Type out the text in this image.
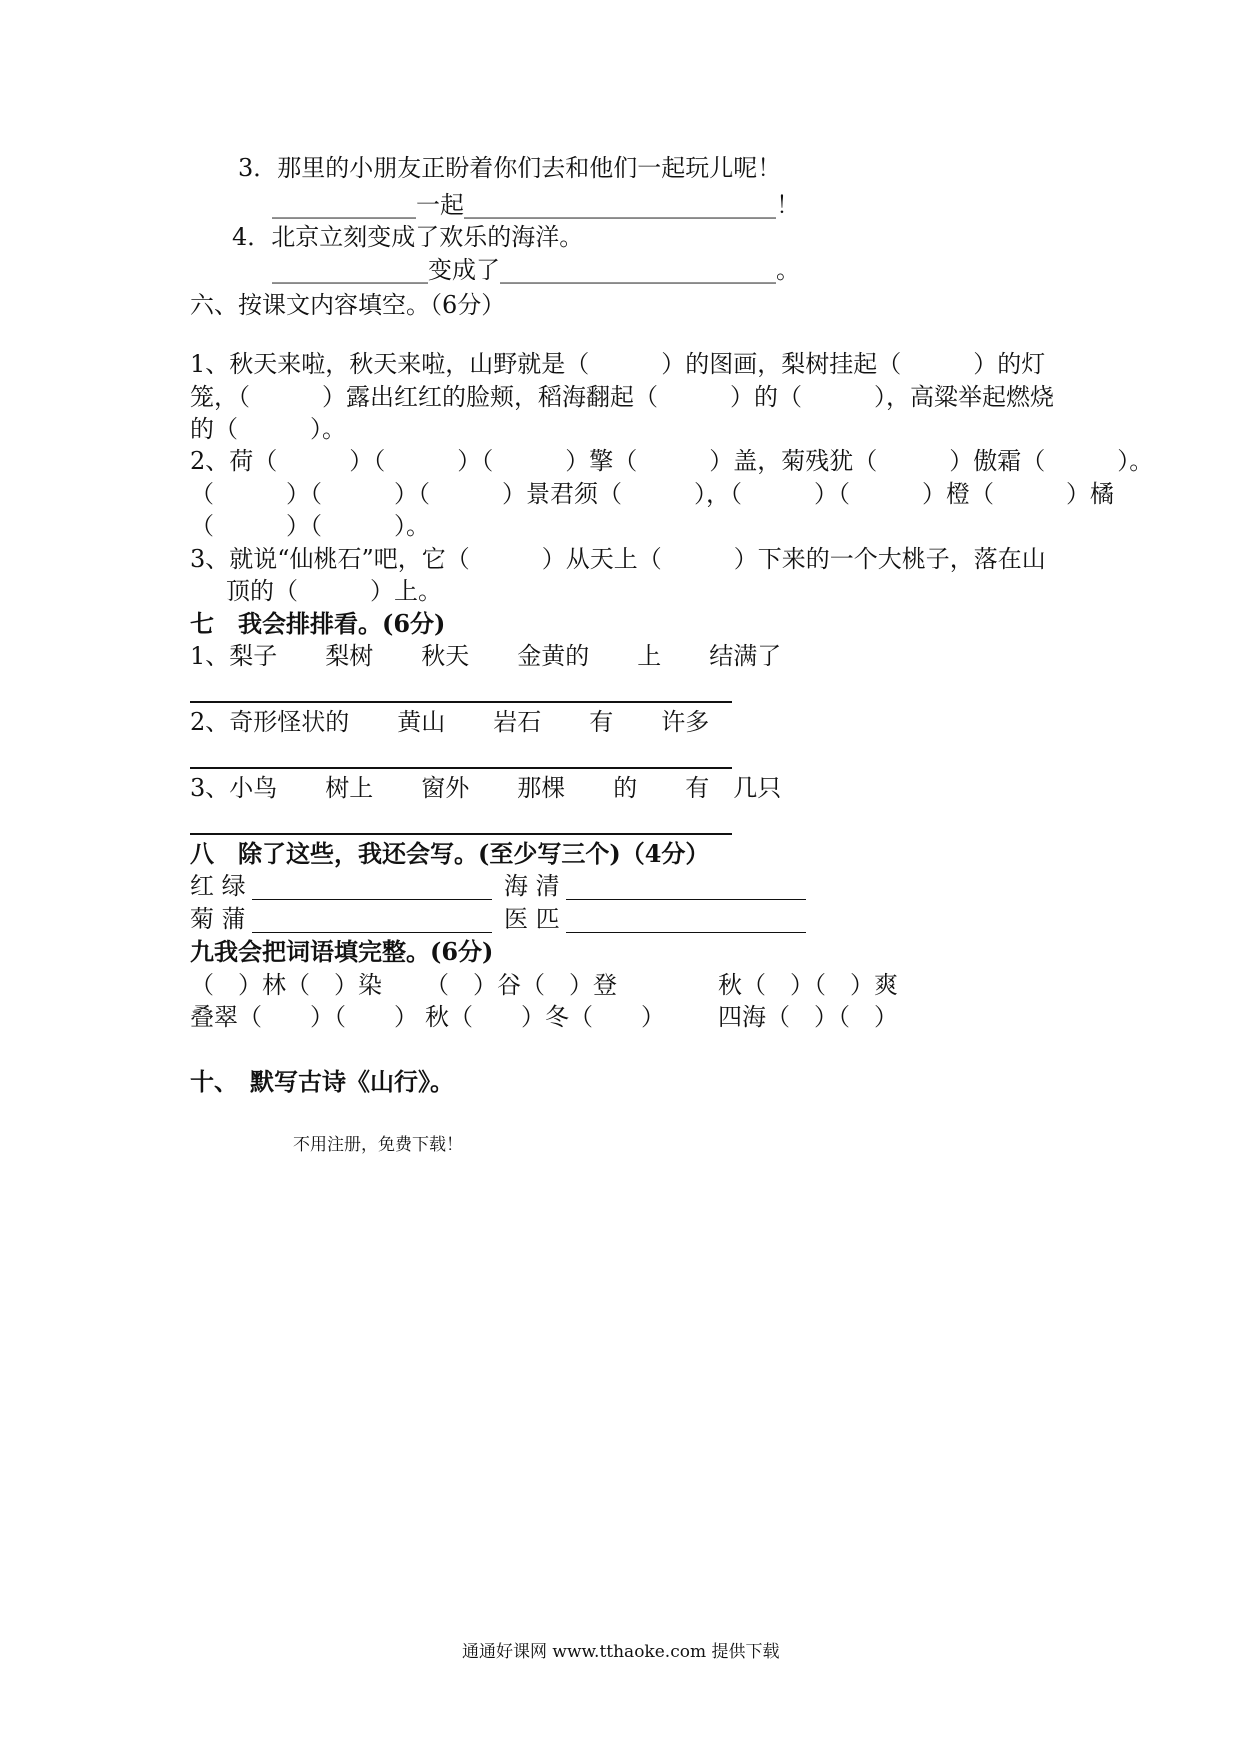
3．那里的小朋友正盼着你们去和他们一起玩儿呢！
____________一起__________________________！
4．北京立刻变成了欢乐的海洋。
_____________变成了_______________________。
六、按课文内容填空。（6分）
1、秋天来啦，秋天来啦，山野就是（　　　）的图画，梨树挂起（　　　）的灯
笼，（　　　）露出红红的脸颊，稻海翻起（　　　）的（　　　），高粱举起燃烧
的（　　　）。
2、荷（　　　）（　　　）（　　　）擎（　　　）盖，菊残犹（　　　）傲霜（　　　）。
（　　　）（　　　）（　　　）景君须（　　　），（　　　）（　　　）橙（　　　）橘
（　　　）（　　　）。
3、就说“仙桃石”吧，它（　　　）从天上（　　　）下来的一个大桃子，落在山
顶的（　　　）上。
七　我会排排看。(6分)
1、梨子　　梨树　　秋天　　金黄的　　上　　结满了
2、奇形怪状的　　黄山　　岩石　　有　　许多
3、小鸟　　树上　　窗外　　那棵　　的　　有　几只
八　除了这些，我还会写。(至少写三个)（4分）
红 绿	海 清
菊 蒲	医 匹
九我会把词语填完整。(6分)
（　）林（　）染 （　）谷（　）登	秋（　）（　）爽
叠翠（　　）（　　） 秋（　　）冬（　　） 四海（　）（　）
十、　默写古诗《山行》。
不用注册，免费下载！
通通好课网 www.tthaoke.com 提供下载
